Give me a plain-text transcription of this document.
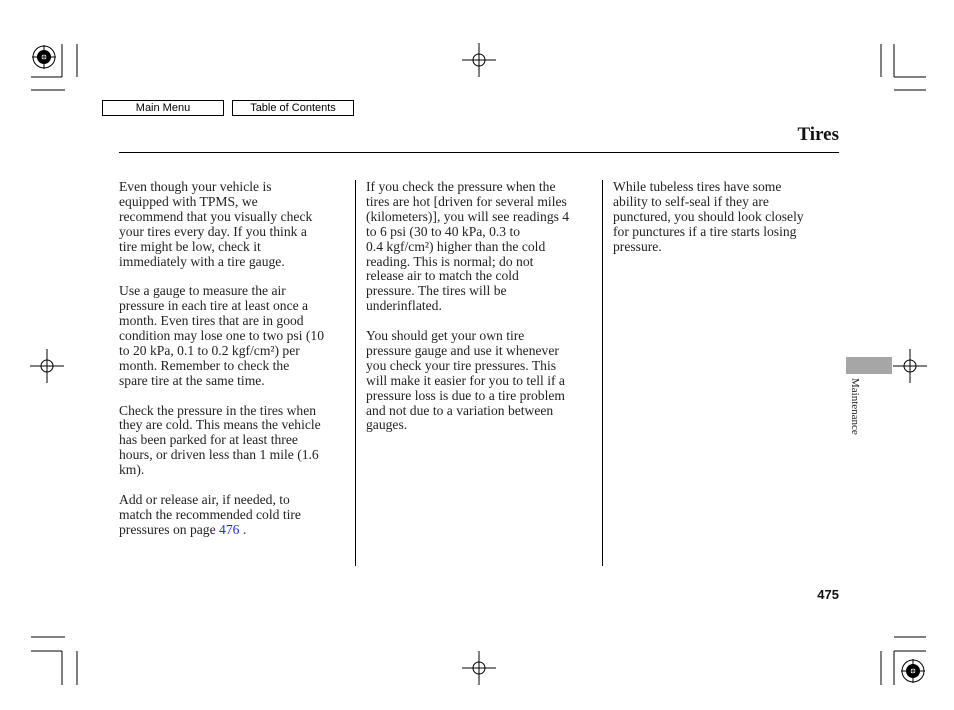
Main Menu	Table of Contents
Tires

Even though your vehicle is
equipped with TPMS, we
recommend that you visually check
your tires every day. If you think a
tire might be low, check it
immediately with a tire gauge.

Use a gauge to measure the air
pressure in each tire at least once a
month. Even tires that are in good
condition may lose one to two psi (10
to 20 kPa, 0.1 to 0.2 kgf/cm²) per
month. Remember to check the
spare tire at the same time.

Check the pressure in the tires when
they are cold. This means the vehicle
has been parked for at least three
hours, or driven less than 1 mile (1.6
km).

Add or release air, if needed, to
match the recommended cold tire
pressures on page 476 .

If you check the pressure when the
tires are hot [driven for several miles
(kilometers)], you will see readings 4
to 6 psi (30 to 40 kPa, 0.3 to
0.4 kgf/cm²) higher than the cold
reading. This is normal; do not
release air to match the cold
pressure. The tires will be
underinflated.

You should get your own tire
pressure gauge and use it whenever
you check your tire pressures. This
will make it easier for you to tell if a
pressure loss is due to a tire problem
and not due to a variation between
gauges.

While tubeless tires have some
ability to self-seal if they are
punctured, you should look closely
for punctures if a tire starts losing
pressure.

Maintenance
475
